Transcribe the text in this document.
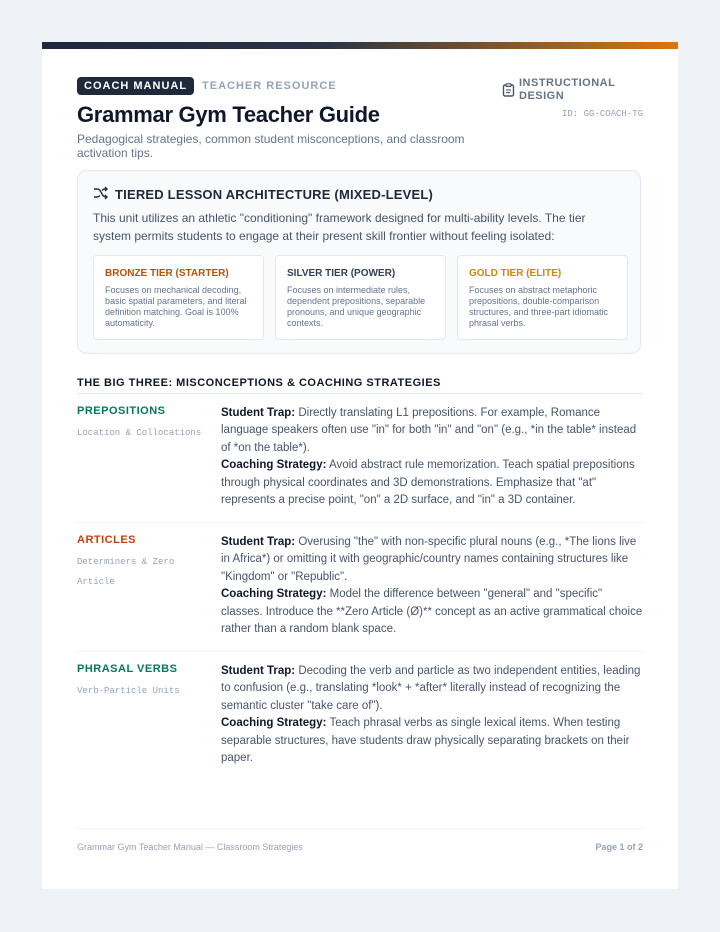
COACH MANUAL	TEACHER RESOURCE
Grammar Gym Teacher Guide
Pedagogical strategies, common student misconceptions, and classroom activation tips.
INSTRUCTIONAL DESIGN
ID: GG-COACH-TG
TIERED LESSON ARCHITECTURE (MIXED-LEVEL)
This unit utilizes an athletic "conditioning" framework designed for multi-ability levels. The tier system permits students to engage at their present skill frontier without feeling isolated:
BRONZE TIER (STARTER)
Focuses on mechanical decoding, basic spatial parameters, and literal definition matching. Goal is 100% automaticity.
SILVER TIER (POWER)
Focuses on intermediate rules, dependent prepositions, separable pronouns, and unique geographic contexts.
GOLD TIER (ELITE)
Focuses on abstract metaphoric prepositions, double-comparison structures, and three-part idiomatic phrasal verbs.
THE BIG THREE: MISCONCEPTIONS & COACHING STRATEGIES
PREPOSITIONS
Location & Collocations
Student Trap: Directly translating L1 prepositions. For example, Romance language speakers often use "in" for both "in" and "on" (e.g., *in the table* instead of *on the table*).
Coaching Strategy: Avoid abstract rule memorization. Teach spatial prepositions through physical coordinates and 3D demonstrations. Emphasize that "at" represents a precise point, "on" a 2D surface, and "in" a 3D container.
ARTICLES
Determiners & Zero Article
Student Trap: Overusing "the" with non-specific plural nouns (e.g., *The lions live in Africa*) or omitting it with geographic/country names containing structures like "Kingdom" or "Republic".
Coaching Strategy: Model the difference between "general" and "specific" classes. Introduce the **Zero Article (Ø)** concept as an active grammatical choice rather than a random blank space.
PHRASAL VERBS
Verb-Particle Units
Student Trap: Decoding the verb and particle as two independent entities, leading to confusion (e.g., translating *look* + *after* literally instead of recognizing the semantic cluster "take care of").
Coaching Strategy: Teach phrasal verbs as single lexical items. When testing separable structures, have students draw physically separating brackets on their paper.
Grammar Gym Teacher Manual — Classroom Strategies	Page 1 of 2
